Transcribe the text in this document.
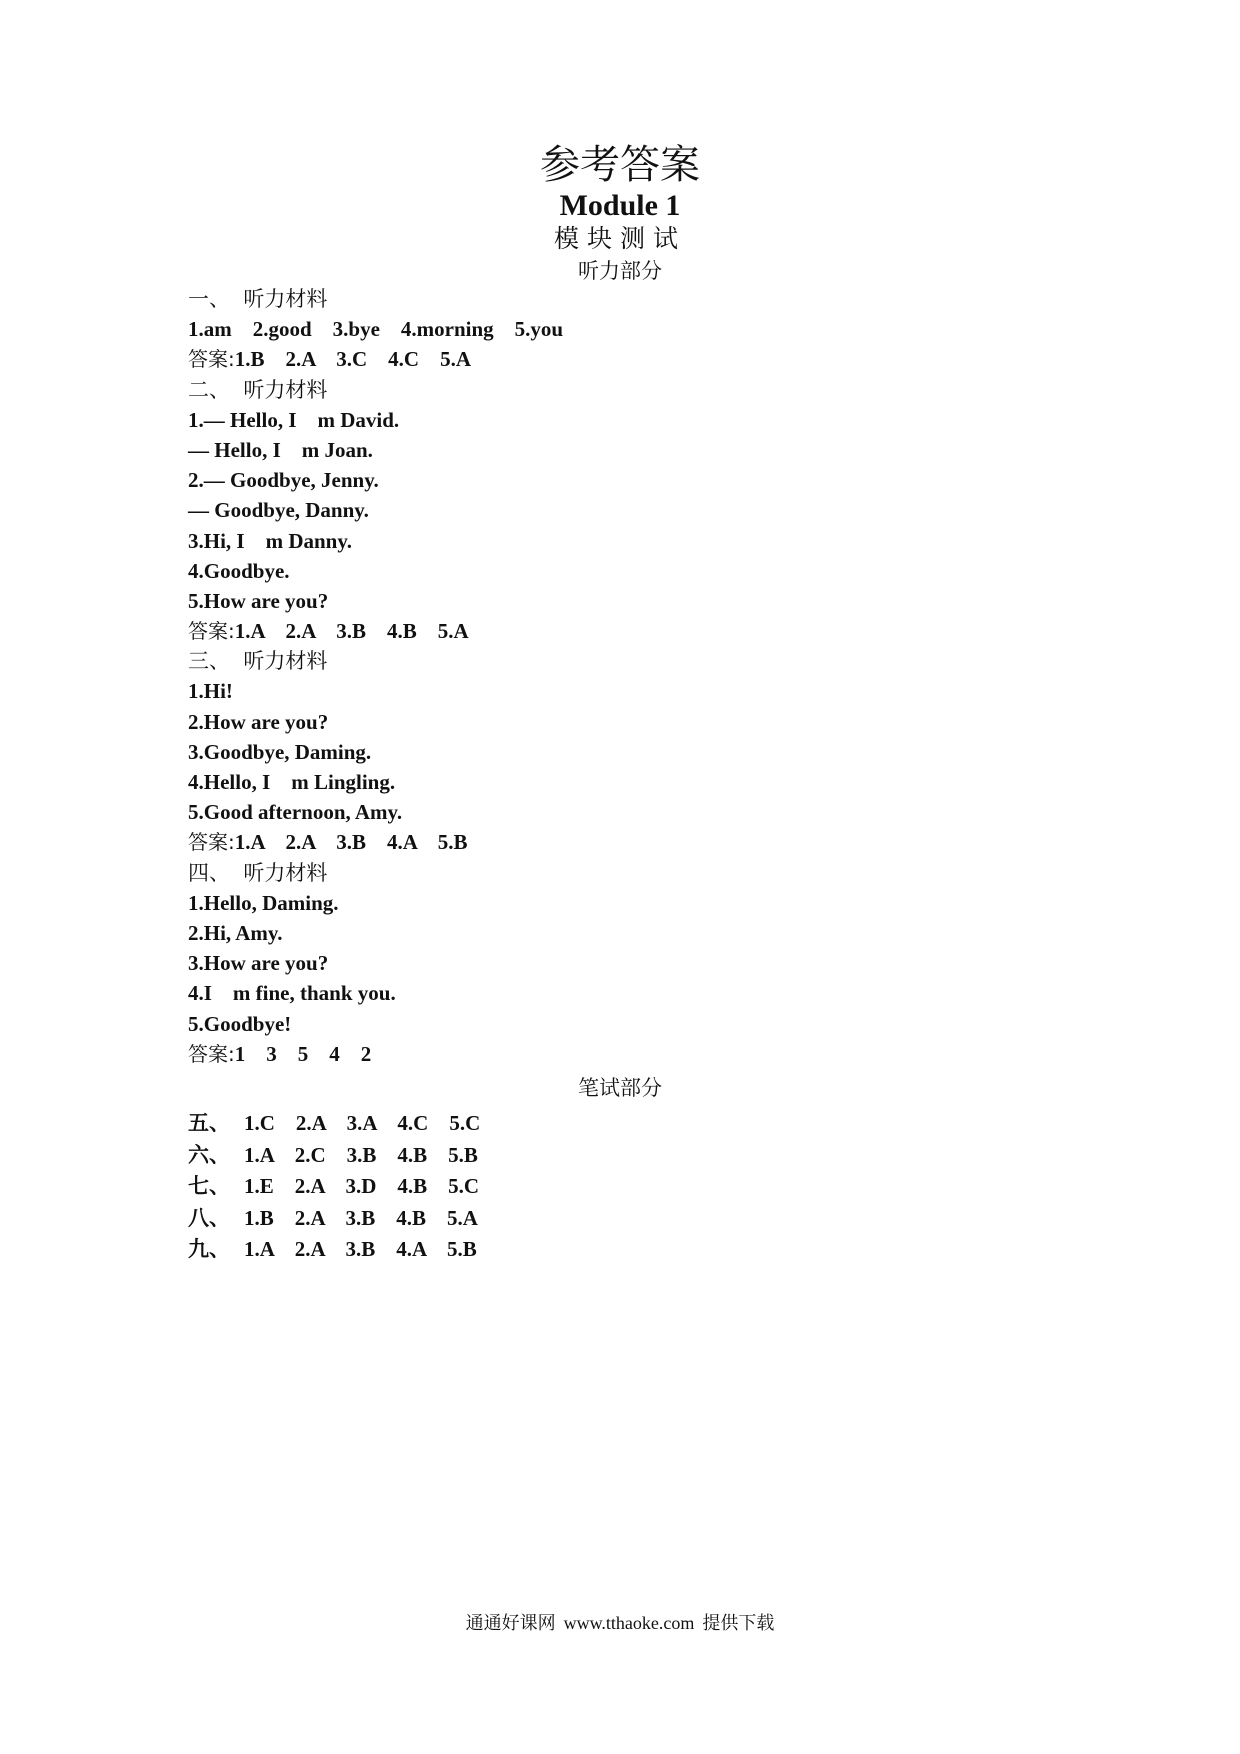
参考答案
Module 1
模块测试
听力部分
一、  听力材料
1.am    2.good    3.bye    4.morning    5.you
答案:1.B    2.A    3.C    4.C    5.A
二、  听力材料
1.— Hello, I    m David.
— Hello, I    m Joan.
2.— Goodbye, Jenny.
— Goodbye, Danny.
3.Hi, I    m Danny.
4.Goodbye.
5.How are you?
答案:1.A    2.A    3.B    4.B    5.A
三、  听力材料
1.Hi!
2.How are you?
3.Goodbye, Daming.
4.Hello, I    m Lingling.
5.Good afternoon, Amy.
答案:1.A    2.A    3.B    4.A    5.B
四、  听力材料
1.Hello, Daming.
2.Hi, Amy.
3.How are you?
4.I    m fine, thank you.
5.Goodbye!
答案:1    3    5    4    2
笔试部分
五、 1.C    2.A    3.A    4.C    5.C
六、 1.A    2.C    3.B    4.B    5.B
七、 1.E    2.A    3.D    4.B    5.C
八、 1.B    2.A    3.B    4.B    5.A
九、 1.A    2.A    3.B    4.A    5.B
通通好课网 www.tthaoke.com 提供下载
